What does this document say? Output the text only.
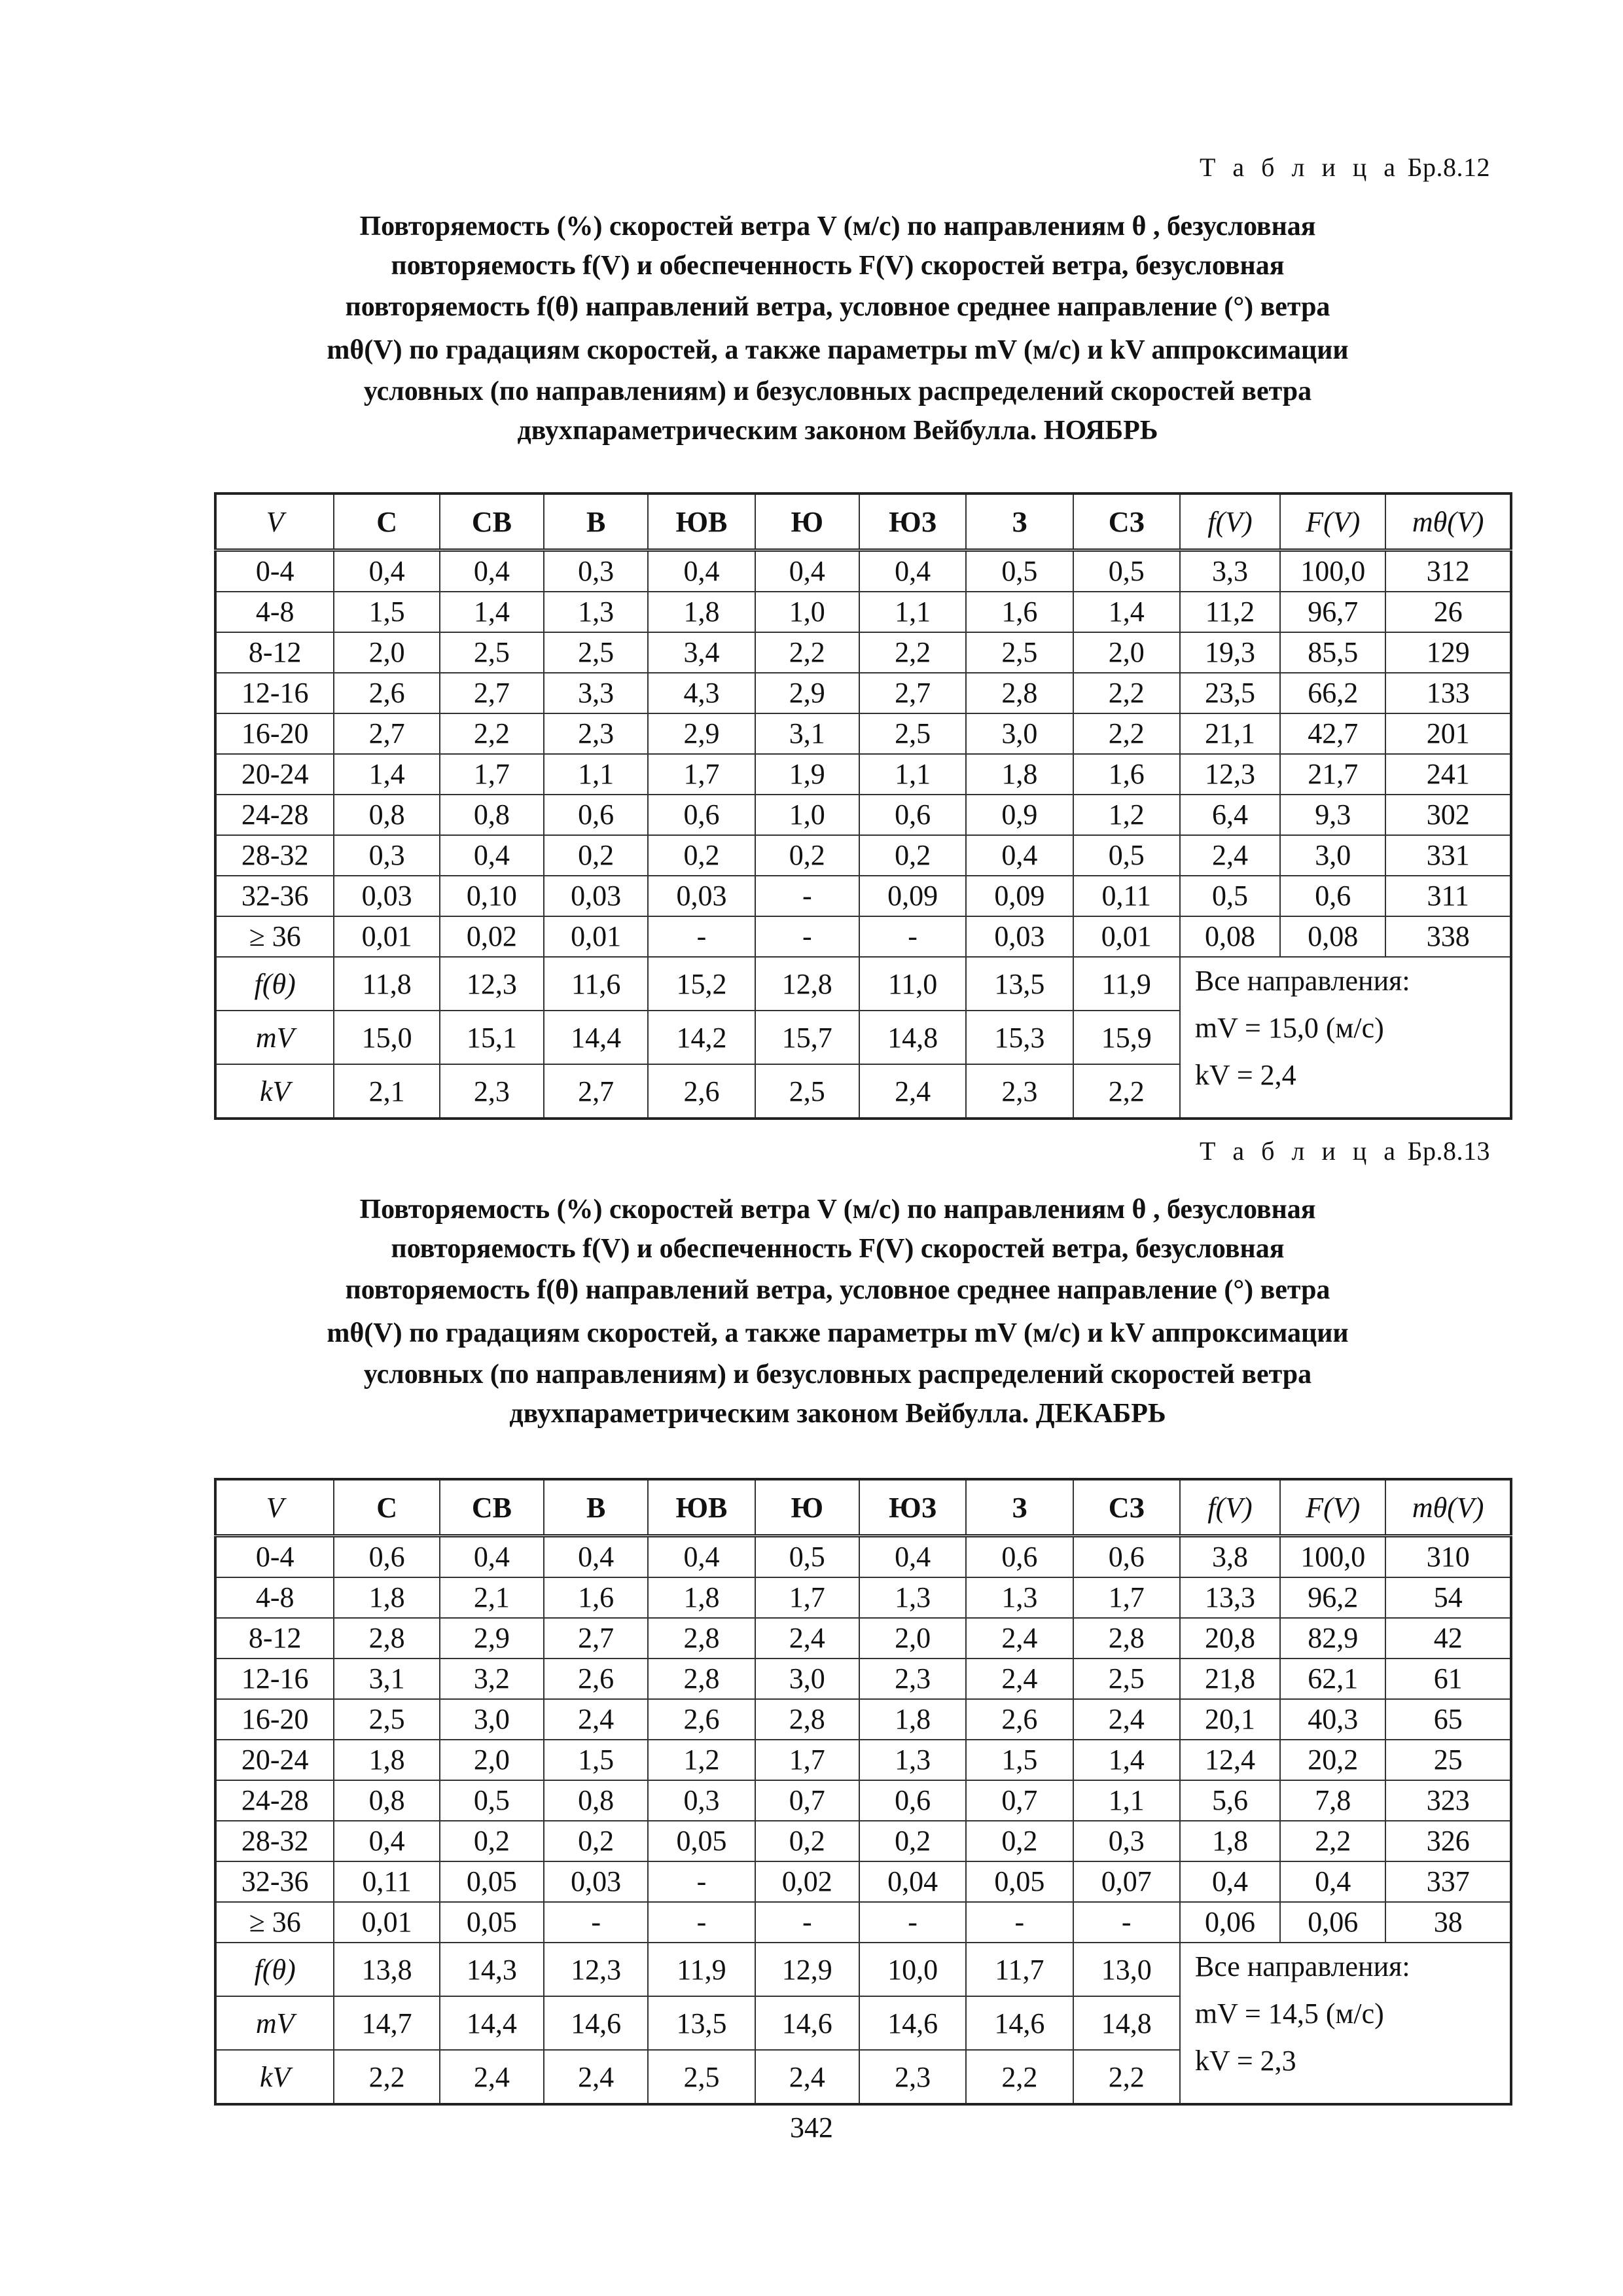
Т а б л и ц а Бр.8.12
Повторяемость (%) скоростей ветра V (м/с) по направлениям θ , безусловная
повторяемость f(V) и обеспеченность F(V) скоростей ветра, безусловная
повторяемость f(θ) направлений ветра, условное среднее направление (°) ветра
mθ(V) по градациям скоростей, а также параметры mV (м/с) и kV аппроксимации
условных (по направлениям) и безусловных распределений скоростей ветра
двухпараметрическим законом Вейбулла. НОЯБРЬ
V	С	СВ	В	ЮВ	Ю	ЮЗ	З	СЗ	f(V)	F(V)	mθ(V)
0-4	0,4	0,4	0,3	0,4	0,4	0,4	0,5	0,5	3,3	100,0	312
4-8	1,5	1,4	1,3	1,8	1,0	1,1	1,6	1,4	11,2	96,7	26
8-12	2,0	2,5	2,5	3,4	2,2	2,2	2,5	2,0	19,3	85,5	129
12-16	2,6	2,7	3,3	4,3	2,9	2,7	2,8	2,2	23,5	66,2	133
16-20	2,7	2,2	2,3	2,9	3,1	2,5	3,0	2,2	21,1	42,7	201
20-24	1,4	1,7	1,1	1,7	1,9	1,1	1,8	1,6	12,3	21,7	241
24-28	0,8	0,8	0,6	0,6	1,0	0,6	0,9	1,2	6,4	9,3	302
28-32	0,3	0,4	0,2	0,2	0,2	0,2	0,4	0,5	2,4	3,0	331
32-36	0,03	0,10	0,03	0,03	-	0,09	0,09	0,11	0,5	0,6	311
≥ 36	0,01	0,02	0,01	-	-	-	0,03	0,01	0,08	0,08	338
f(θ)	11,8	12,3	11,6	15,2	12,8	11,0	13,5	11,9	Все направления:
mV = 15,0 (м/с)
kV = 2,4		

mV	15,0	15,1	14,4	14,2	15,7	14,8	15,3	15,9			
kV	2,1	2,3	2,7	2,6	2,5	2,4	2,3	2,2			
Т а б л и ц а Бр.8.13
Повторяемость (%) скоростей ветра V (м/с) по направлениям θ , безусловная
повторяемость f(V) и обеспеченность F(V) скоростей ветра, безусловная
повторяемость f(θ) направлений ветра, условное среднее направление (°) ветра
mθ(V) по градациям скоростей, а также параметры mV (м/с) и kV аппроксимации
условных (по направлениям) и безусловных распределений скоростей ветра
двухпараметрическим законом Вейбулла. ДЕКАБРЬ
V	С	СВ	В	ЮВ	Ю	ЮЗ	З	СЗ	f(V)	F(V)	mθ(V)
0-4	0,6	0,4	0,4	0,4	0,5	0,4	0,6	0,6	3,8	100,0	310
4-8	1,8	2,1	1,6	1,8	1,7	1,3	1,3	1,7	13,3	96,2	54
8-12	2,8	2,9	2,7	2,8	2,4	2,0	2,4	2,8	20,8	82,9	42
12-16	3,1	3,2	2,6	2,8	3,0	2,3	2,4	2,5	21,8	62,1	61
16-20	2,5	3,0	2,4	2,6	2,8	1,8	2,6	2,4	20,1	40,3	65
20-24	1,8	2,0	1,5	1,2	1,7	1,3	1,5	1,4	12,4	20,2	25
24-28	0,8	0,5	0,8	0,3	0,7	0,6	0,7	1,1	5,6	7,8	323
28-32	0,4	0,2	0,2	0,05	0,2	0,2	0,2	0,3	1,8	2,2	326
32-36	0,11	0,05	0,03	-	0,02	0,04	0,05	0,07	0,4	0,4	337
≥ 36	0,01	0,05	-	-	-	-	-	-	0,06	0,06	38
f(θ)	13,8	14,3	12,3	11,9	12,9	10,0	11,7	13,0	Все направления:
mV = 14,5 (м/с)
kV = 2,3		

mV	14,7	14,4	14,6	13,5	14,6	14,6	14,6	14,8			
kV	2,2	2,4	2,4	2,5	2,4	2,3	2,2	2,2			
342
